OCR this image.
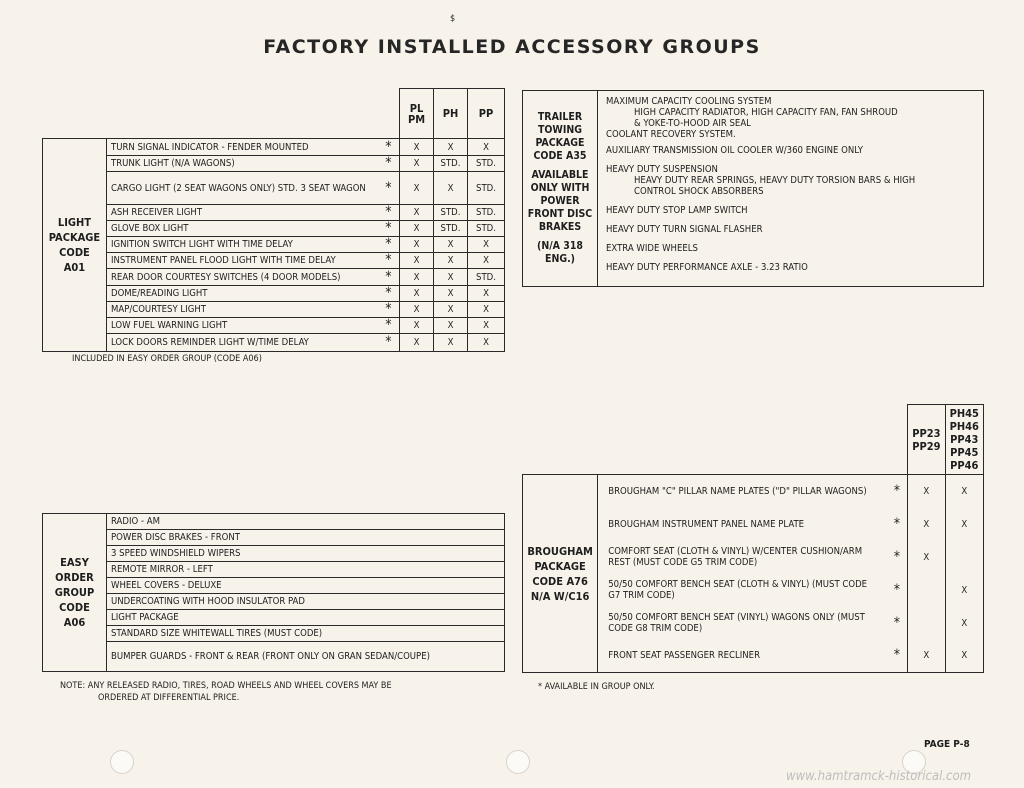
$
FACTORY INSTALLED ACCESSORY GROUPS
			PL PM	PH	PP

LIGHT
PACKAGE
CODE
A01	TURN SIGNAL INDICATOR - FENDER MOUNTED	*	X	X	X
	TRUNK LIGHT (N/A WAGONS)	*	X	STD.	STD.
	CARGO LIGHT (2 SEAT WAGONS ONLY) STD. 3 SEAT WAGON	*	X	X	STD.
	ASH RECEIVER LIGHT	*	X	STD.	STD.
	GLOVE BOX LIGHT	*	X	STD.	STD.
	IGNITION SWITCH LIGHT WITH TIME DELAY	*	X	X	X
	INSTRUMENT PANEL FLOOD LIGHT WITH TIME DELAY	*	X	X	X
	REAR DOOR COURTESY SWITCHES (4 DOOR MODELS)	*	X	X	STD.
	DOME/READING LIGHT	*	X	X	X
	MAP/COURTESY LIGHT	*	X	X	X
	LOW FUEL WARNING LIGHT	*	X	X	X
	LOCK DOORS REMINDER LIGHT W/TIME DELAY	*	X	X	X
INCLUDED IN EASY ORDER GROUP (CODE A06)
TRAILER
TOWING
PACKAGE
CODE A35
AVAILABLE
ONLY WITH
POWER
FRONT DISC
BRAKES
(N/A 318
ENG.)

MAXIMUM CAPACITY COOLING SYSTEM
HIGH CAPACITY RADIATOR, HIGH CAPACITY FAN, FAN SHROUD
& YOKE-TO-HOOD AIR SEAL
COOLANT RECOVERY SYSTEM.
AUXILIARY TRANSMISSION OIL COOLER W/360 ENGINE ONLY
HEAVY DUTY SUSPENSION
HEAVY DUTY REAR SPRINGS, HEAVY DUTY TORSION BARS & HIGH
CONTROL SHOCK ABSORBERS
HEAVY DUTY STOP LAMP SWITCH
HEAVY DUTY TURN SIGNAL FLASHER
EXTRA WIDE WHEELS
HEAVY DUTY PERFORMANCE AXLE - 3.23 RATIO
EASY
ORDER
GROUP
CODE
A06
	RADIO - AM
POWER DISC BRAKES - FRONT
3 SPEED WINDSHIELD WIPERS
REMOTE MIRROR - LEFT
WHEEL COVERS - DELUXE
UNDERCOATING WITH HOOD INSULATOR PAD
LIGHT PACKAGE
STANDARD SIZE WHITEWALL TIRES (MUST CODE)
BUMPER GUARDS - FRONT & REAR (FRONT ONLY ON GRAN SEDAN/COUPE)
NOTE: ANY RELEASED RADIO, TIRES, ROAD WHEELS AND WHEEL COVERS MAY BE
ORDERED AT DIFFERENTIAL PRICE.
			PP23 PP29	PH45 PH46 PP43 PP45 PP46

BROUGHAM
PACKAGE
CODE A76
N/A W/C16	BROUGHAM "C" PILLAR NAME PLATES ("D" PILLAR WAGONS)	*	X	X
	BROUGHAM INSTRUMENT PANEL NAME PLATE	*	X	X
	COMFORT SEAT (CLOTH & VINYL) W/CENTER CUSHION/ARM REST (MUST CODE G5 TRIM CODE)	*	X	
	50/50 COMFORT BENCH SEAT (CLOTH & VINYL) (MUST CODE G7 TRIM CODE)	*		X
	50/50 COMFORT BENCH SEAT (VINYL) WAGONS ONLY (MUST CODE G8 TRIM CODE)	*		X
	FRONT SEAT PASSENGER RECLINER	*	X	X
* AVAILABLE IN GROUP ONLY.
PAGE P-8
www.hamtramck-historical.com
